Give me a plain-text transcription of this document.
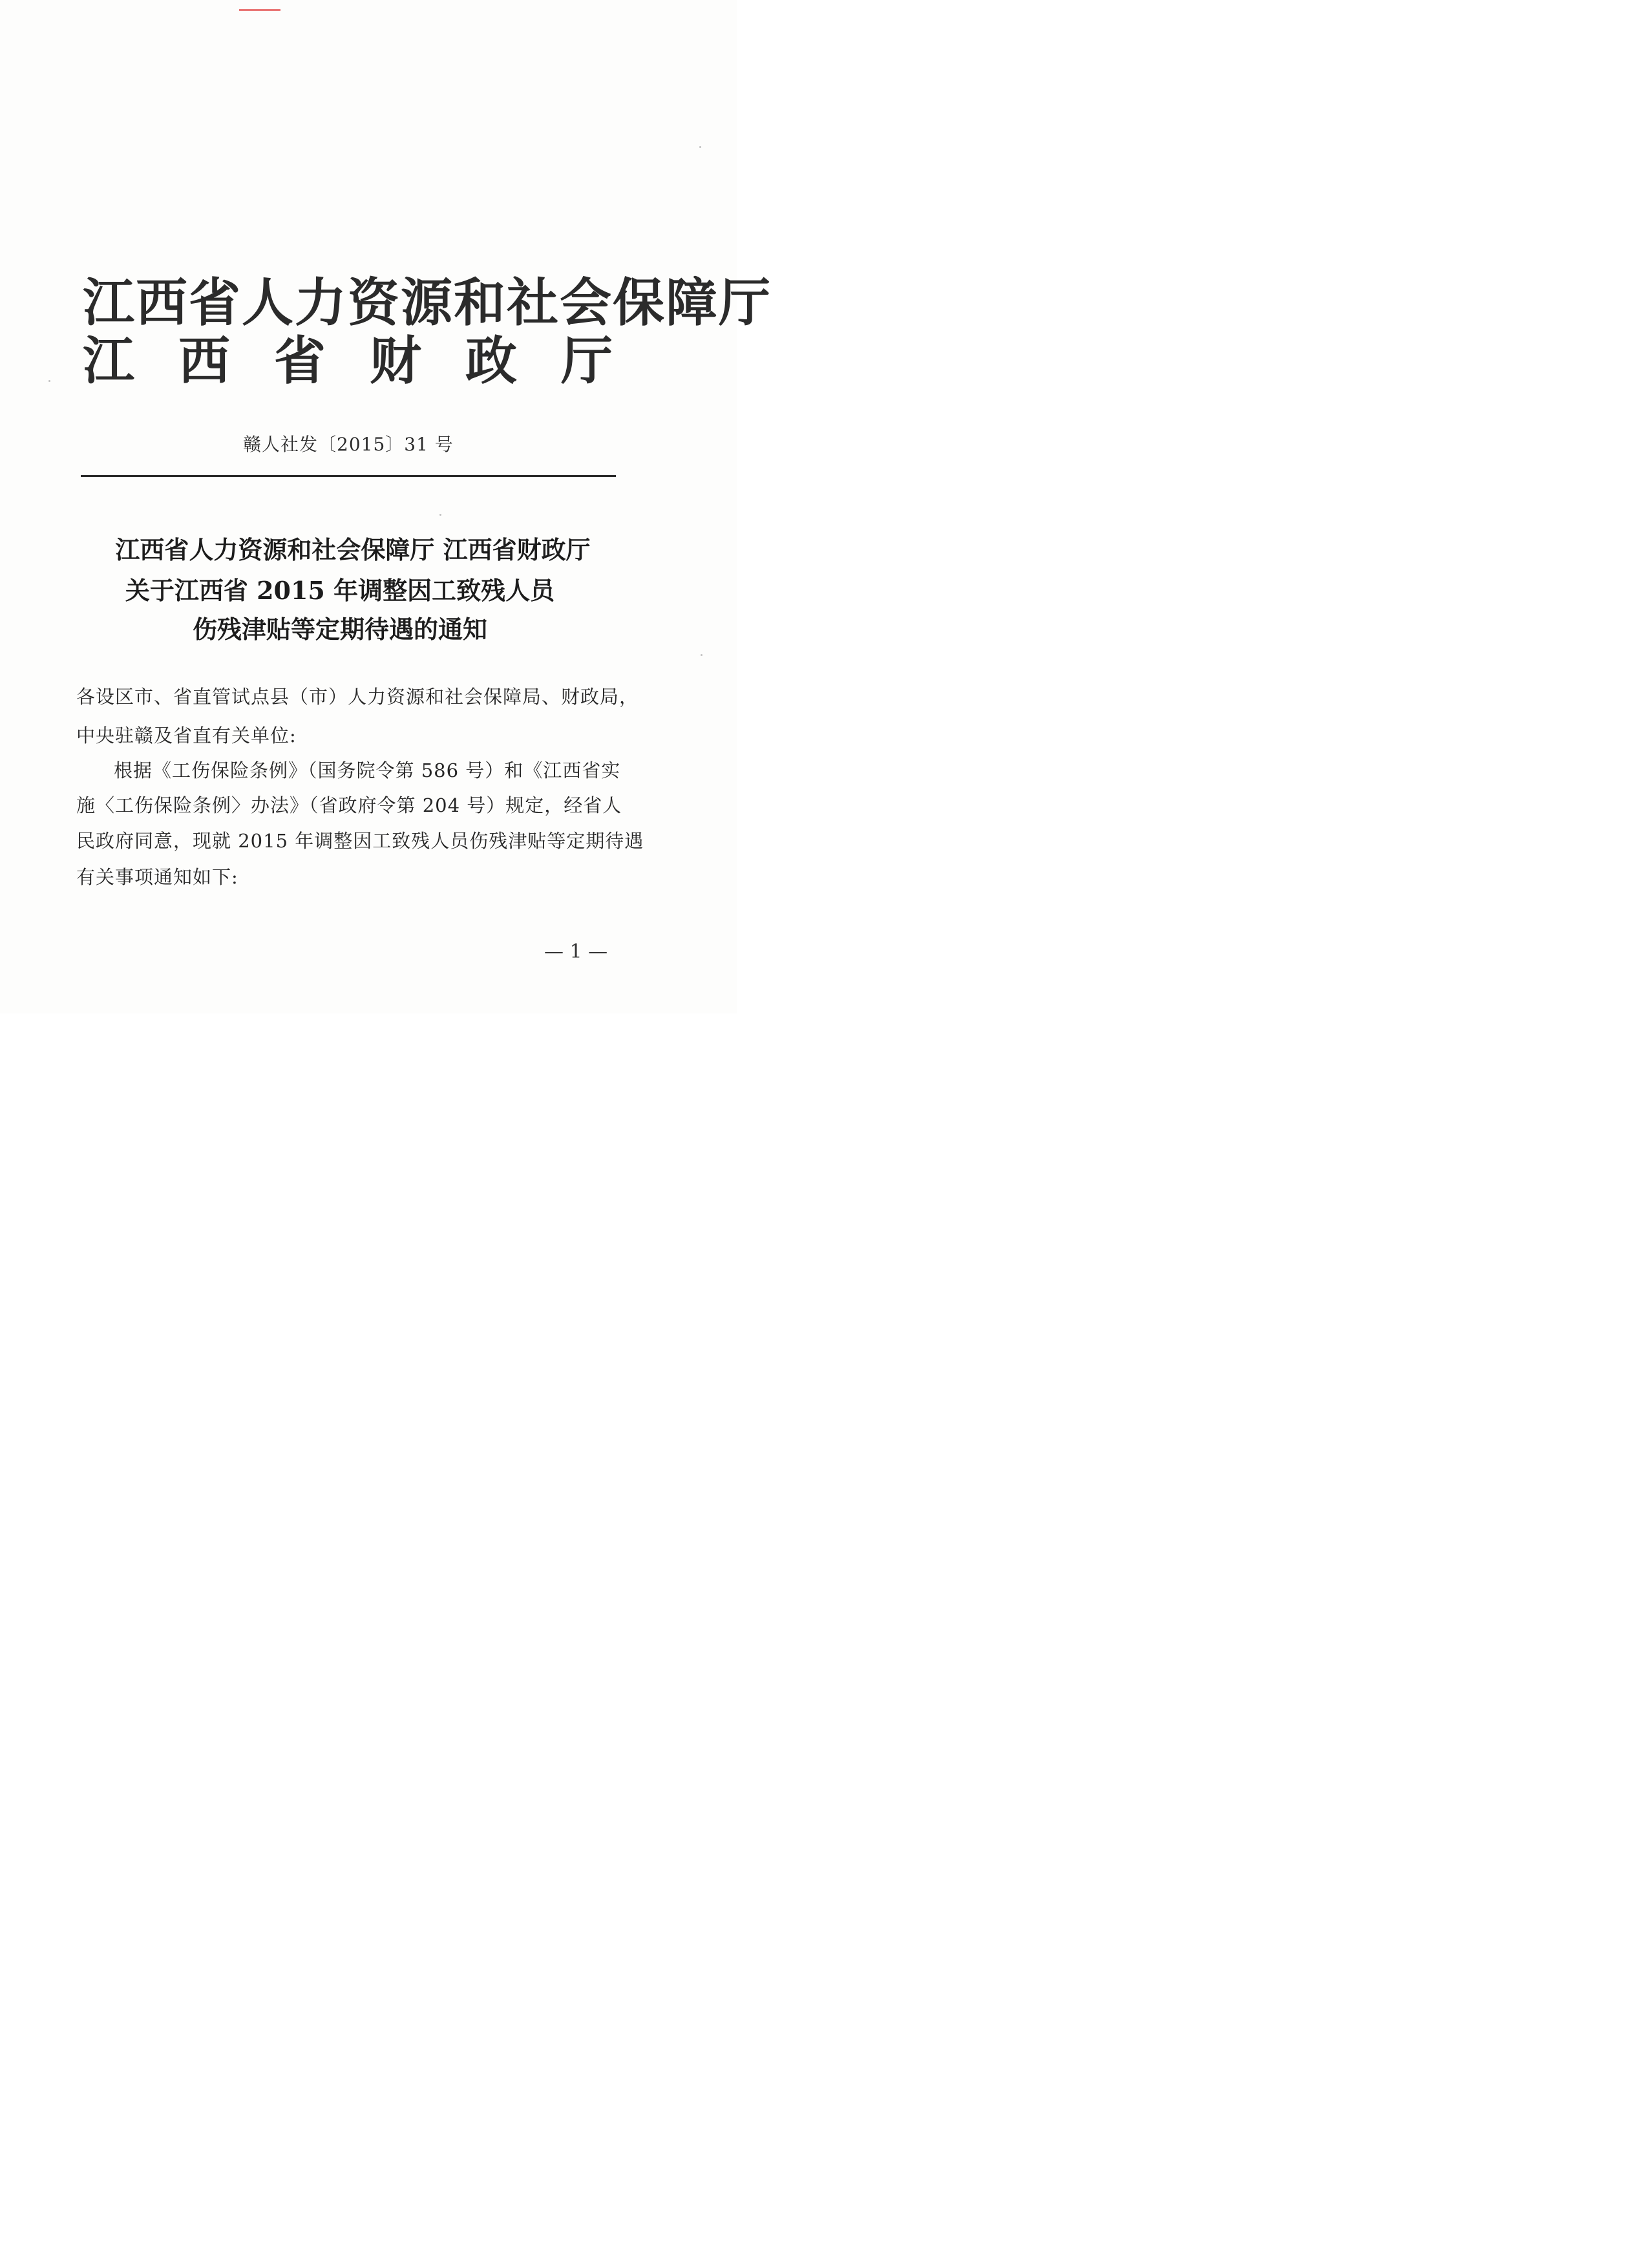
江西省人力资源和社会保障厅
江 西 省 财 政 厅
赣人社发〔2015〕31 号
江西省人力资源和社会保障厅 江西省财政厅
关于江西省 2015 年调整因工致残人员
伤残津贴等定期待遇的通知
各设区市、省直管试点县（市）人力资源和社会保障局、财政局，
中央驻赣及省直有关单位:
根据《工伤保险条例》（国务院令第 586 号）和《江西省实
施〈工伤保险条例〉办法》（省政府令第 204 号）规定，经省人
民政府同意，现就 2015 年调整因工致残人员伤残津贴等定期待遇
有关事项通知如下:
— 1 —
